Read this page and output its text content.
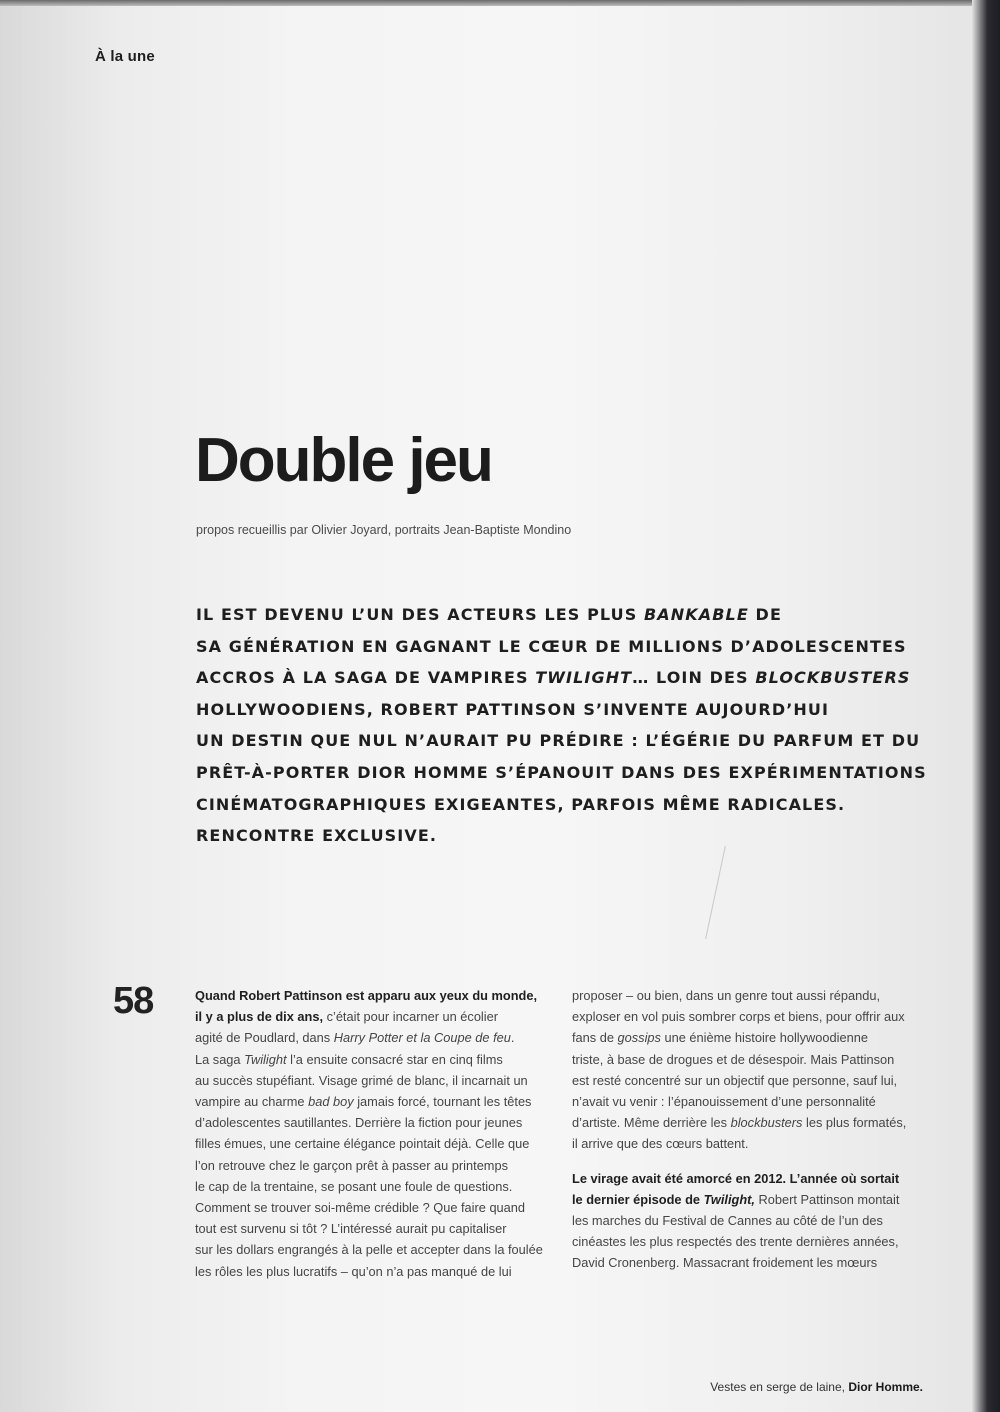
À la une
Double jeu
propos recueillis par Olivier Joyard, portraits Jean-Baptiste Mondino
IL EST DEVENU L’UN DES ACTEURS LES PLUS BANKABLE DE
SA GÉNÉRATION EN GAGNANT LE CŒUR DE MILLIONS D’ADOLESCENTES
ACCROS À LA SAGA DE VAMPIRES TWILIGHT… LOIN DES BLOCKBUSTERS
HOLLYWOODIENS, ROBERT PATTINSON S’INVENTE AUJOURD’HUI
UN DESTIN QUE NUL N’AURAIT PU PRÉDIRE : L’ÉGÉRIE DU PARFUM ET DU
PRÊT-À-PORTER DIOR HOMME S’ÉPANOUIT DANS DES EXPÉRIMENTATIONS
CINÉMATOGRAPHIQUES EXIGEANTES, PARFOIS MÊME RADICALES.
RENCONTRE EXCLUSIVE.
58	Quand Robert Pattinson est apparu aux yeux du monde,
il y a plus de dix ans, c’était pour incarner un écolier
agité de Poudlard, dans Harry Potter et la Coupe de feu.
La saga Twilight l’a ensuite consacré star en cinq films
au succès stupéfiant. Visage grimé de blanc, il incarnait un
vampire au charme bad boy jamais forcé, tournant les têtes
d’adolescentes sautillantes. Derrière la fiction pour jeunes
filles émues, une certaine élégance pointait déjà. Celle que
l’on retrouve chez le garçon prêt à passer au printemps
le cap de la trentaine, se posant une foule de questions.
Comment se trouver soi-même crédible ? Que faire quand
tout est survenu si tôt ? L’intéressé aurait pu capitaliser
sur les dollars engrangés à la pelle et accepter dans la foulée
les rôles les plus lucratifs – qu’on n’a pas manqué de lui
proposer – ou bien, dans un genre tout aussi répandu,
exploser en vol puis sombrer corps et biens, pour offrir aux
fans de gossips une énième histoire hollywoodienne
triste, à base de drogues et de désespoir. Mais Pattinson
est resté concentré sur un objectif que personne, sauf lui,
n’avait vu venir : l’épanouissement d’une personnalité
d’artiste. Même derrière les blockbusters les plus formatés,
il arrive que des cœurs battent.
Le virage avait été amorcé en 2012. L’année où sortait
le dernier épisode de Twilight, Robert Pattinson montait
les marches du Festival de Cannes au côté de l’un des
cinéastes les plus respectés des trente dernières années,
David Cronenberg. Massacrant froidement les mœurs
Vestes en serge de laine, Dior Homme.
